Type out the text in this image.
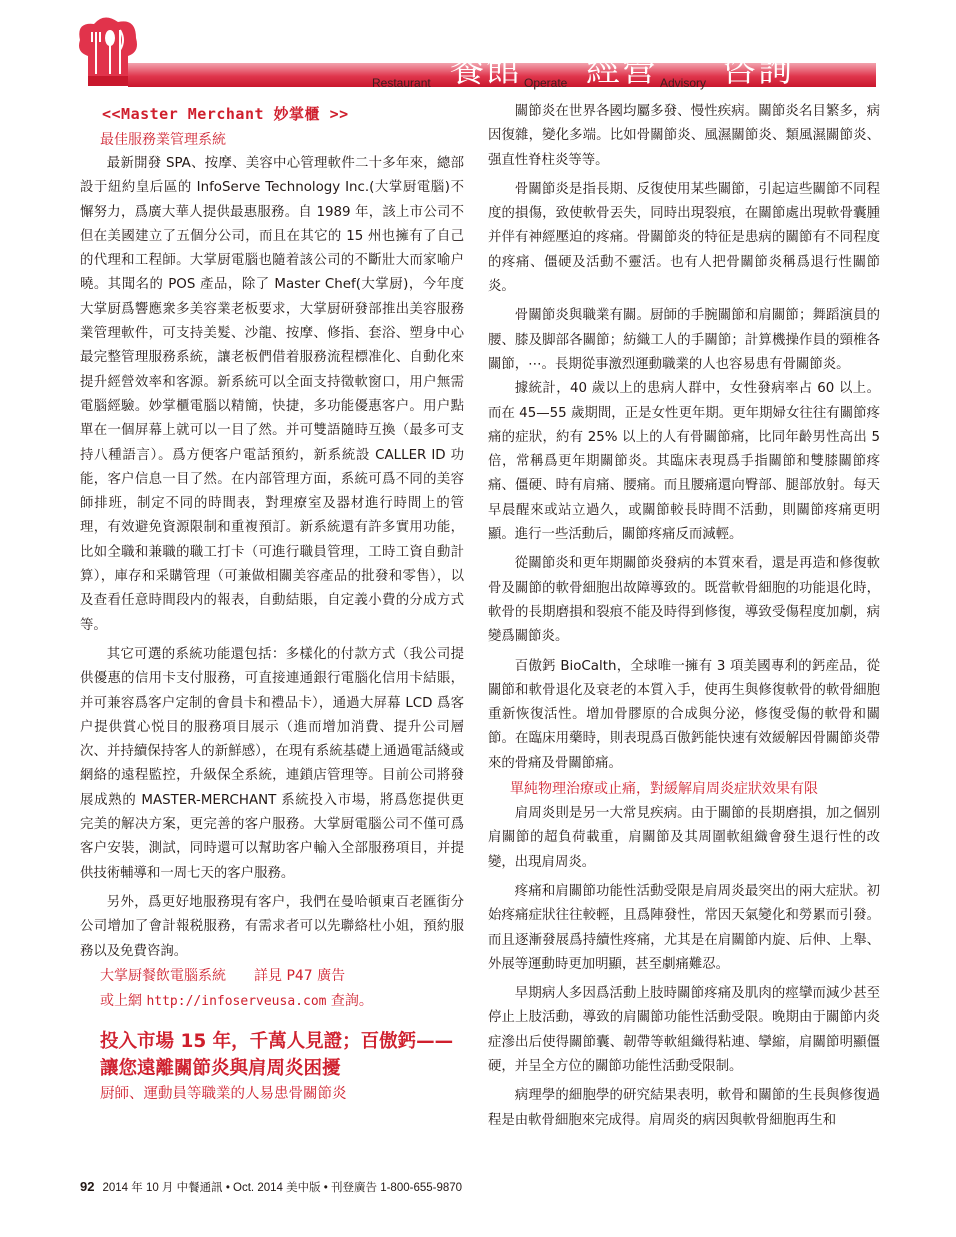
Restaurant 餐館 Operate 經營 Advisory 咨詢
<<Master Merchant 妙掌櫃 >>
最佳服務業管理系統

最新開發 SPA、按摩、美容中心管理軟件二十多年來，總部設于紐約皇后區的 InfoServe Technology Inc.(大掌厨電腦)不懈努力，爲廣大華人提供最惠服務。自 1989 年，該上市公司不但在美國建立了五個分公司，而且在其它的 15 州也擁有了自己的代理和工程師。大掌厨電腦也隨着該公司的不斷壯大而家喻户曉。其聞名的 POS 產品，除了 Master Chef(大掌厨)，今年度大掌厨爲響應衆多美容業老板要求，大掌厨研發部推出美容服務業管理軟件，可支持美髮、沙龍、按摩、修指、套浴、塑身中心最完整管理服務系統，讓老板們借着服務流程標准化、自動化來提升經營效率和客源。新系統可以全面支持徵軟窗口，用户無需電腦經驗。妙掌櫃電腦以精簡，快捷，多功能優惠客户。用户點單在一個屏幕上就可以一目了然。并可雙語隨時互換（最多可支持八種語言）。爲方便客户電話預約，新系統設 CALLER ID 功能，客户信息一目了然。在内部管理方面，系統可爲不同的美容師排班，制定不同的時間表，對理療室及器材進行時間上的管理，有效避免資源限制和重複預訂。新系統還有許多實用功能，比如全職和兼職的職工打卡（可進行職員管理，工時工資自動計算），庫存和采購管理（可兼做相關美容產品的批發和零售），以及查看任意時間段内的報表，自動結賬，自定義小費的分成方式等。

其它可選的系統功能還包括：多樣化的付款方式（我公司提供優惠的信用卡支付服務，可直接連通銀行電腦化信用卡結賬，并可兼容爲客户定制的會員卡和禮品卡），通過大屏幕 LCD 爲客户提供賞心悦目的服務項目展示（進而增加消費、提升公司層次、并持續保持客人的新鮮感），在現有系統基礎上通過電話綫或網絡的遠程監控，升級保全系統，連鎖店管理等。目前公司將發展成熟的 MASTER-MERCHANT 系統投入市場，將爲您提供更完美的解决方案，更完善的客户服務。大掌厨電腦公司不僅可爲客户安裝，測試，同時還可以幫助客户輸入全部服務項目，并提供技術輔導和一周七天的客户服務。

另外，爲更好地服務現有客户，我們在曼哈頓東百老匯街分公司增加了會計報税服務，有需求者可以先聯絡杜小姐，預約服務以及免費咨詢。

大掌厨餐飲電腦系統　　詳見 P47 廣告
或上網 http://infoserveusa.com 查詢。
投入市場 15 年，千萬人見證；百傲鈣——讓您遠離關節炎與肩周炎困擾
厨師、運動員等職業的人易患骨關節炎

關節炎在世界各國均屬多發、慢性疾病。關節炎名目繁多，病因復雜，變化多端。比如骨關節炎、風濕關節炎、類風濕關節炎、强直性脊柱炎等等。

骨關節炎是指長期、反復使用某些關節，引起這些關節不同程度的損傷，致使軟骨丟失，同時出現裂痕，在關節處出現軟骨囊腫并伴有神經壓迫的疼痛。骨關節炎的特征是患病的關節有不同程度的疼痛、僵硬及活動不靈活。也有人把骨關節炎稱爲退行性關節炎。

骨關節炎與職業有關。厨師的手腕關節和肩關節；舞蹈演員的腰、膝及脚部各關節；紡織工人的手關節；計算機操作員的頸椎各關節，⋯。長期從事激烈運動職業的人也容易患有骨關節炎。

據統計，40 歲以上的患病人群中，女性發病率占 60 以上。而在 45—55 歲期間，正是女性更年期。更年期婦女往往有關節疼痛的症狀，約有 25% 以上的人有骨關節痛，比同年齡男性高出 5 倍，常稱爲更年期關節炎。其臨床表現爲手指關節和雙膝關節疼痛、僵硬、時有肩痛、腰痛。而且腰痛還向臀部、腿部放射。每天早晨醒來或站立過久，或關節較長時間不活動，則關節疼痛更明顯。進行一些活動后，關節疼痛反而減輕。

從關節炎和更年期關節炎發病的本質來看，還是再造和修復軟骨及關節的軟骨細胞出故障導致的。既當軟骨細胞的功能退化時，軟骨的長期磨損和裂痕不能及時得到修復，導致受傷程度加劇，病變爲關節炎。

百傲鈣 BioCalth，全球唯一擁有 3 項美國專利的鈣産品，從關節和軟骨退化及衰老的本質入手，使再生與修復軟骨的軟骨細胞重新恢復活性。增加骨膠原的合成與分泌，修復受傷的軟骨和關節。在臨床用藥時，則表現爲百傲鈣能快速有效緩解因骨關節炎帶來的骨痛及骨關節痛。

單純物理治療或止痛，對緩解肩周炎症狀效果有限

肩周炎則是另一大常見疾病。由于關節的長期磨損，加之個别肩關節的超負荷載重，肩關節及其周圍軟組織會發生退行性的改變，出現肩周炎。

疼痛和肩關節功能性活動受限是肩周炎最突出的兩大症狀。初始疼痛症狀往往較輕，且爲陣發性，常因天氣變化和勞累而引發。而且逐漸發展爲持續性疼痛，尤其是在肩關節内旋、后伸、上舉、外展等運動時更加明顯，甚至劇痛難忍。

早期病人多因爲活動上肢時關節疼痛及肌肉的痙攣而減少甚至停止上肢活動，導致的肩關節功能性活動受限。晚期由于關節内炎症滲出后使得關節囊、韌帶等軟組織得粘連、攣縮，肩關節明顯僵硬，并呈全方位的關節功能性活動受限制。

病理學的細胞學的研究結果表明，軟骨和關節的生長與修復過程是由軟骨細胞來完成得。肩周炎的病因與軟骨細胞再生和

92 2014 年 10 月 中餐通訊 • Oct. 2014 美中版 • 刊登廣告 1-800-655-9870
